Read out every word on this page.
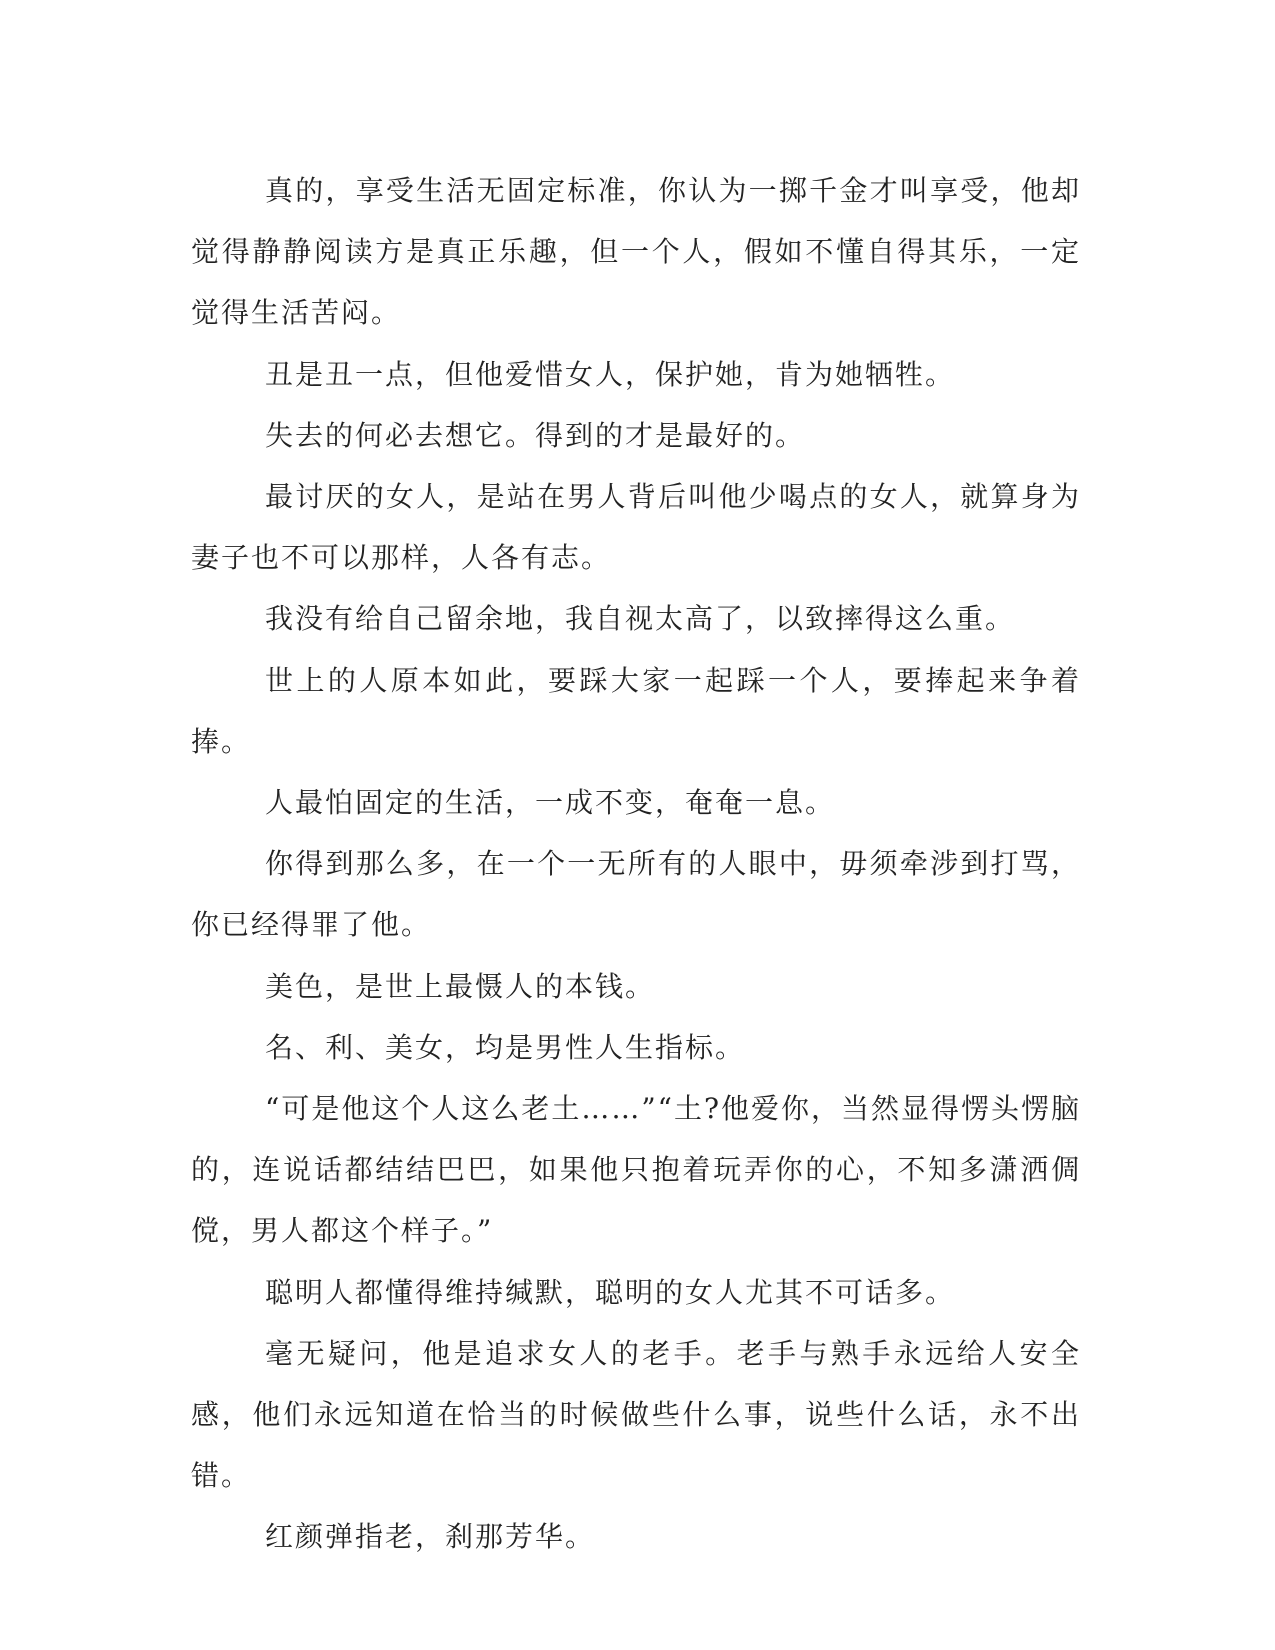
真的，享受生活无固定标准，你认为一掷千金才叫享受，他却觉得静静阅读方是真正乐趣，但一个人，假如不懂自得其乐，一定觉得生活苦闷。

丑是丑一点，但他爱惜女人，保护她，肯为她牺牲。

失去的何必去想它。得到的才是最好的。

最讨厌的女人，是站在男人背后叫他少喝点的女人，就算身为妻子也不可以那样，人各有志。

我没有给自己留余地，我自视太高了，以致摔得这么重。

世上的人原本如此，要踩大家一起踩一个人，要捧起来争着捧。

人最怕固定的生活，一成不变，奄奄一息。

你得到那么多，在一个一无所有的人眼中，毋须牵涉到打骂，你已经得罪了他。

美色，是世上最慑人的本钱。

名、利、美女，均是男性人生指标。

“可是他这个人这么老土……”“土?他爱你，当然显得愣头愣脑的，连说话都结结巴巴，如果他只抱着玩弄你的心，不知多潇洒倜傥，男人都这个样子。”

聪明人都懂得维持缄默，聪明的女人尤其不可话多。

毫无疑问，他是追求女人的老手。老手与熟手永远给人安全感，他们永远知道在恰当的时候做些什么事，说些什么话，永不出错。

红颜弹指老，刹那芳华。
